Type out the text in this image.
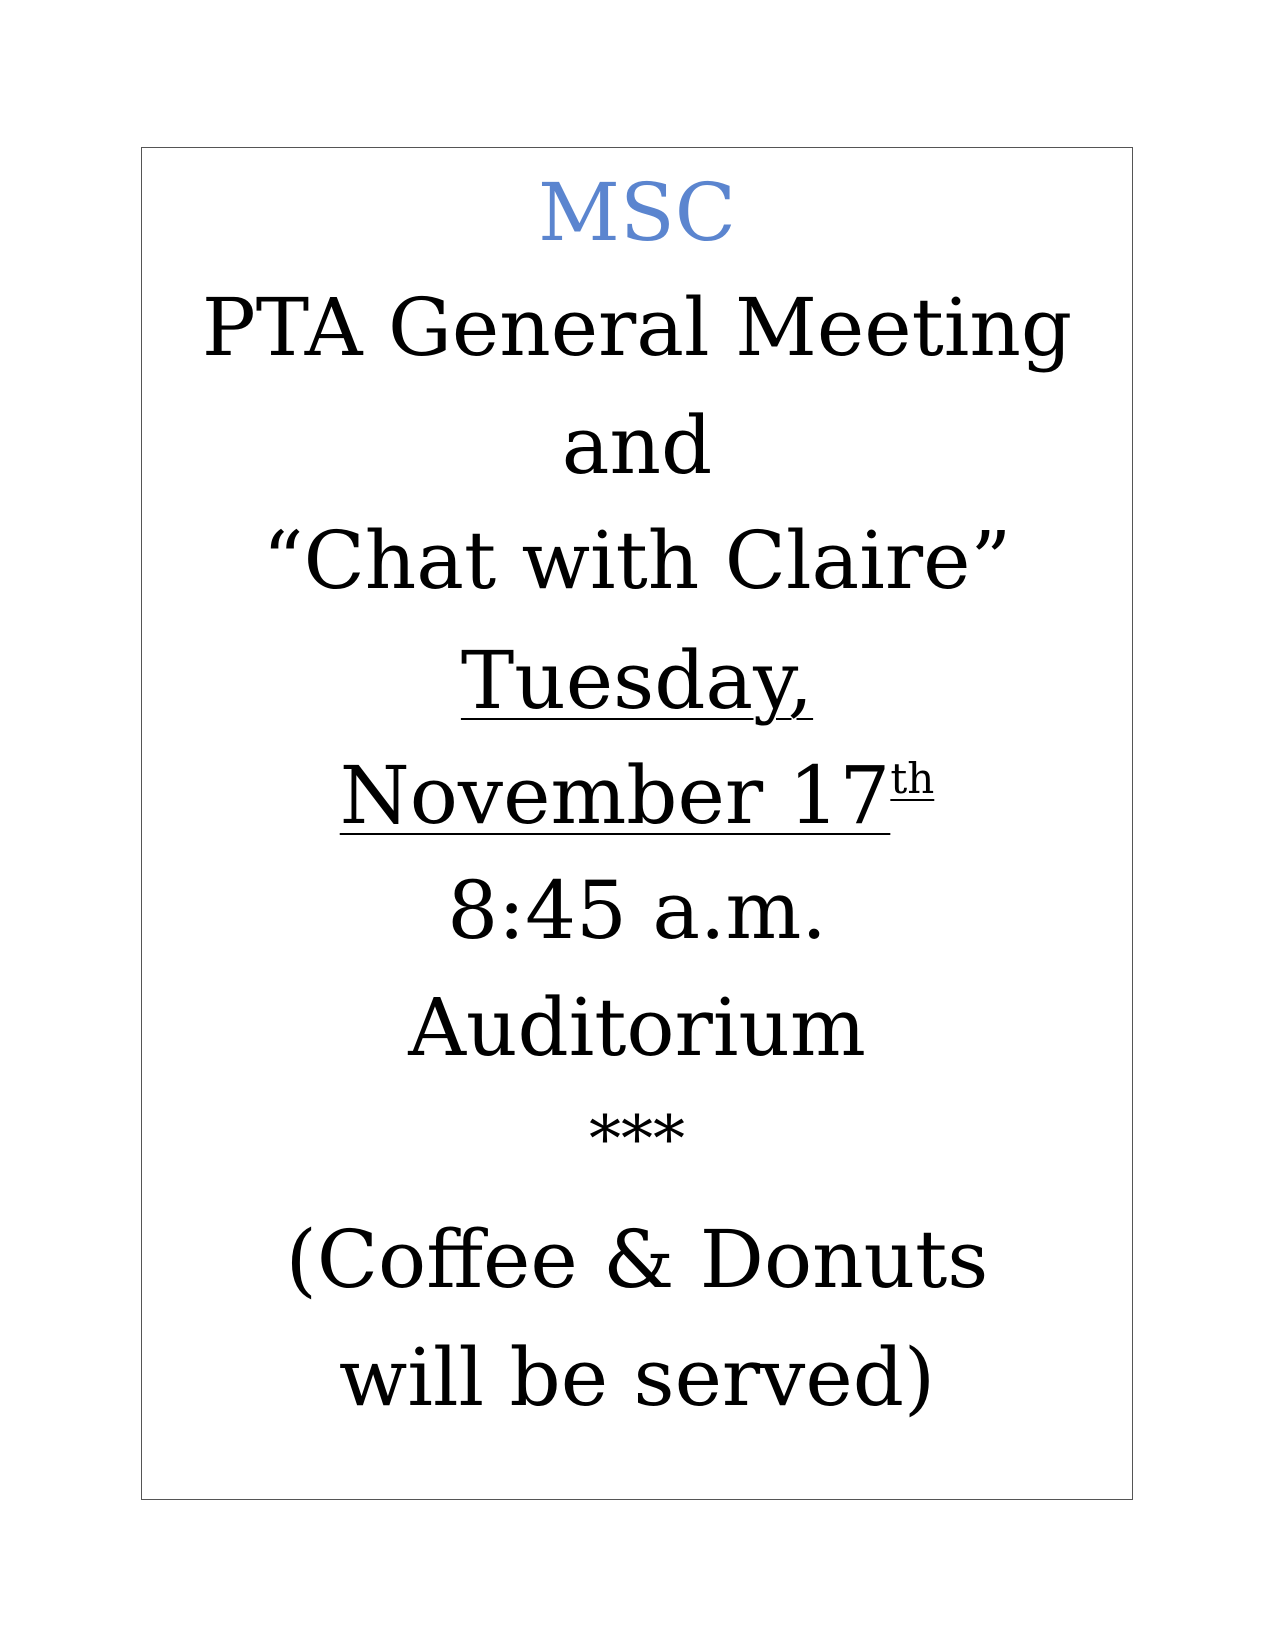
MSC
PTA General Meeting
and
“Chat with Claire”
Tuesday,
November 17th
8:45 a.m.
Auditorium
***
(Coffee & Donuts
will be served)
